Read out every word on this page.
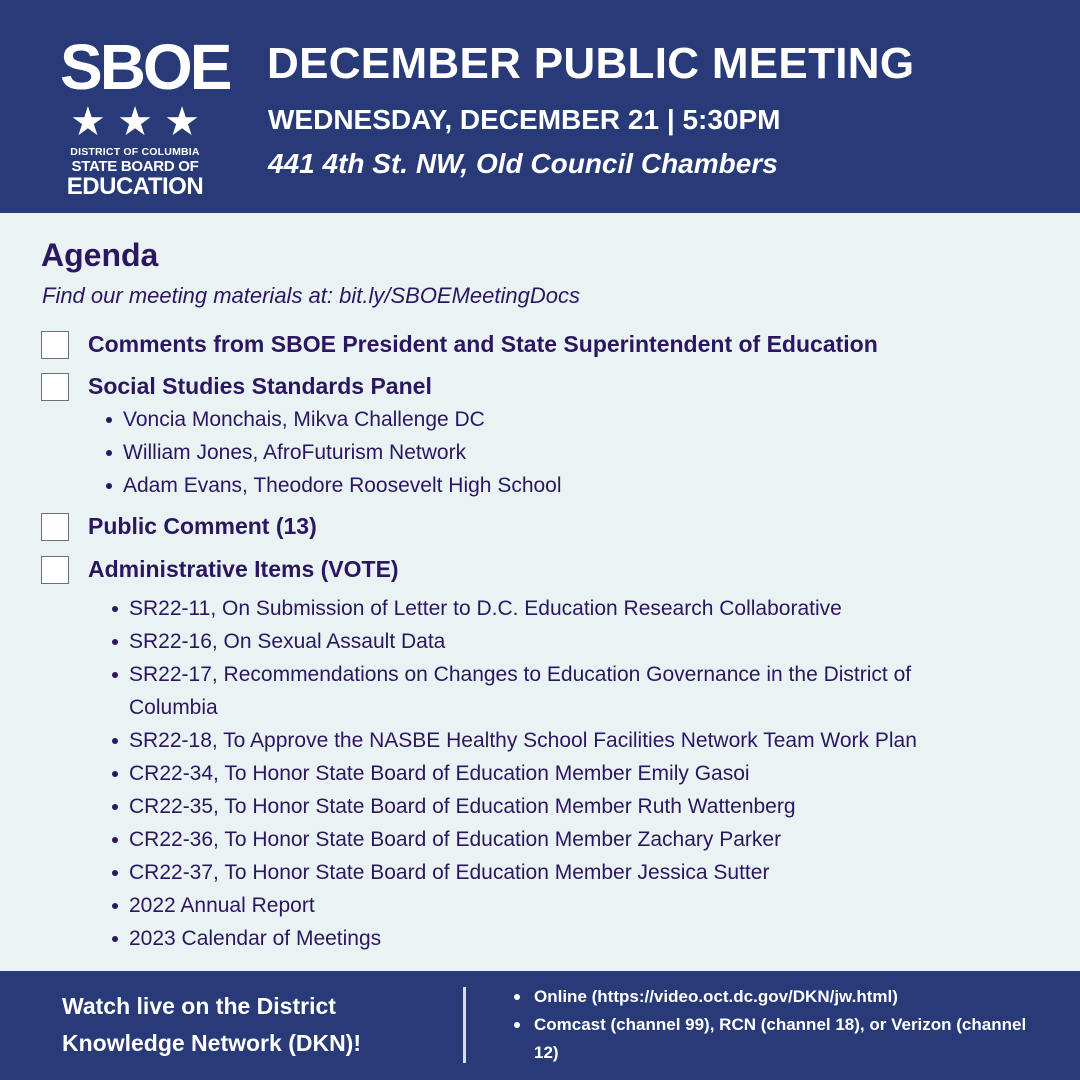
SBOE
★ ★ ★
DISTRICT OF COLUMBIA
STATE BOARD OF
EDUCATION
DECEMBER PUBLIC MEETING
WEDNESDAY, DECEMBER 21 | 5:30PM
441 4th St. NW, Old Council Chambers
Agenda
Find our meeting materials at: bit.ly/SBOEMeetingDocs
Comments from SBOE President and State Superintendent of Education
Social Studies Standards Panel
Voncia Monchais, Mikva Challenge DC
William Jones, AfroFuturism Network
Adam Evans, Theodore Roosevelt High School
Public Comment (13)
Administrative Items (VOTE)
SR22-11, On Submission of Letter to D.C. Education Research Collaborative
SR22-16, On Sexual Assault Data
SR22-17, Recommendations on Changes to Education Governance in the District of Columbia
SR22-18, To Approve the NASBE Healthy School Facilities Network Team Work Plan
CR22-34, To Honor State Board of Education Member Emily Gasoi
CR22-35, To Honor State Board of Education Member Ruth Wattenberg
CR22-36, To Honor State Board of Education Member Zachary Parker
CR22-37, To Honor State Board of Education Member Jessica Sutter
2022 Annual Report
2023 Calendar of Meetings
Watch live on the District Knowledge Network (DKN)!
Online (https://video.oct.dc.gov/DKN/jw.html)
Comcast (channel 99), RCN (channel 18), or Verizon (channel 12)
